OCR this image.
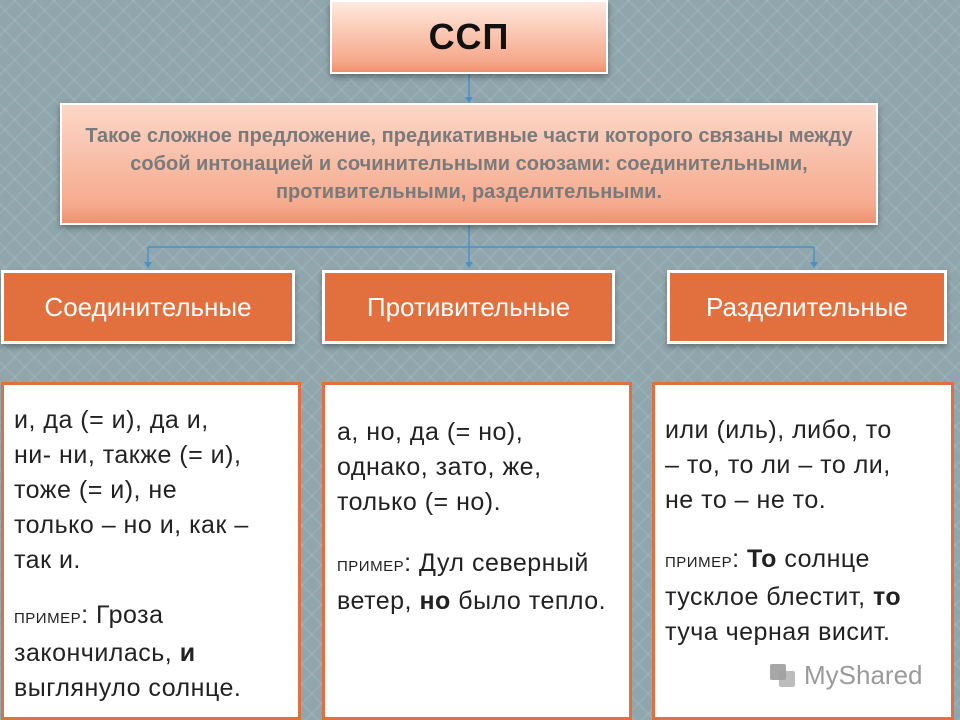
ССП
Такое сложное предложение, предикативные части которого связаны между собой интонацией и сочинительными союзами: соединительными, противительными, разделительными.
Соединительные	Противительные	Разделительные

и, да (= и), да и,
ни- ни, также (= и),
тоже (= и), не
только – но и, как –
так и.

ПРИМЕР: Гроза закончилась, и выглянуло солнце.

а, но, да (= но),
однако, зато, же,
только (= но).

ПРИМЕР: Дул северный ветер, но было тепло.

или (иль), либо, то
– то, то ли – то ли,
не то – не то.

ПРИМЕР: То солнце тусклое блестит, то туча черная висит.
MyShared
